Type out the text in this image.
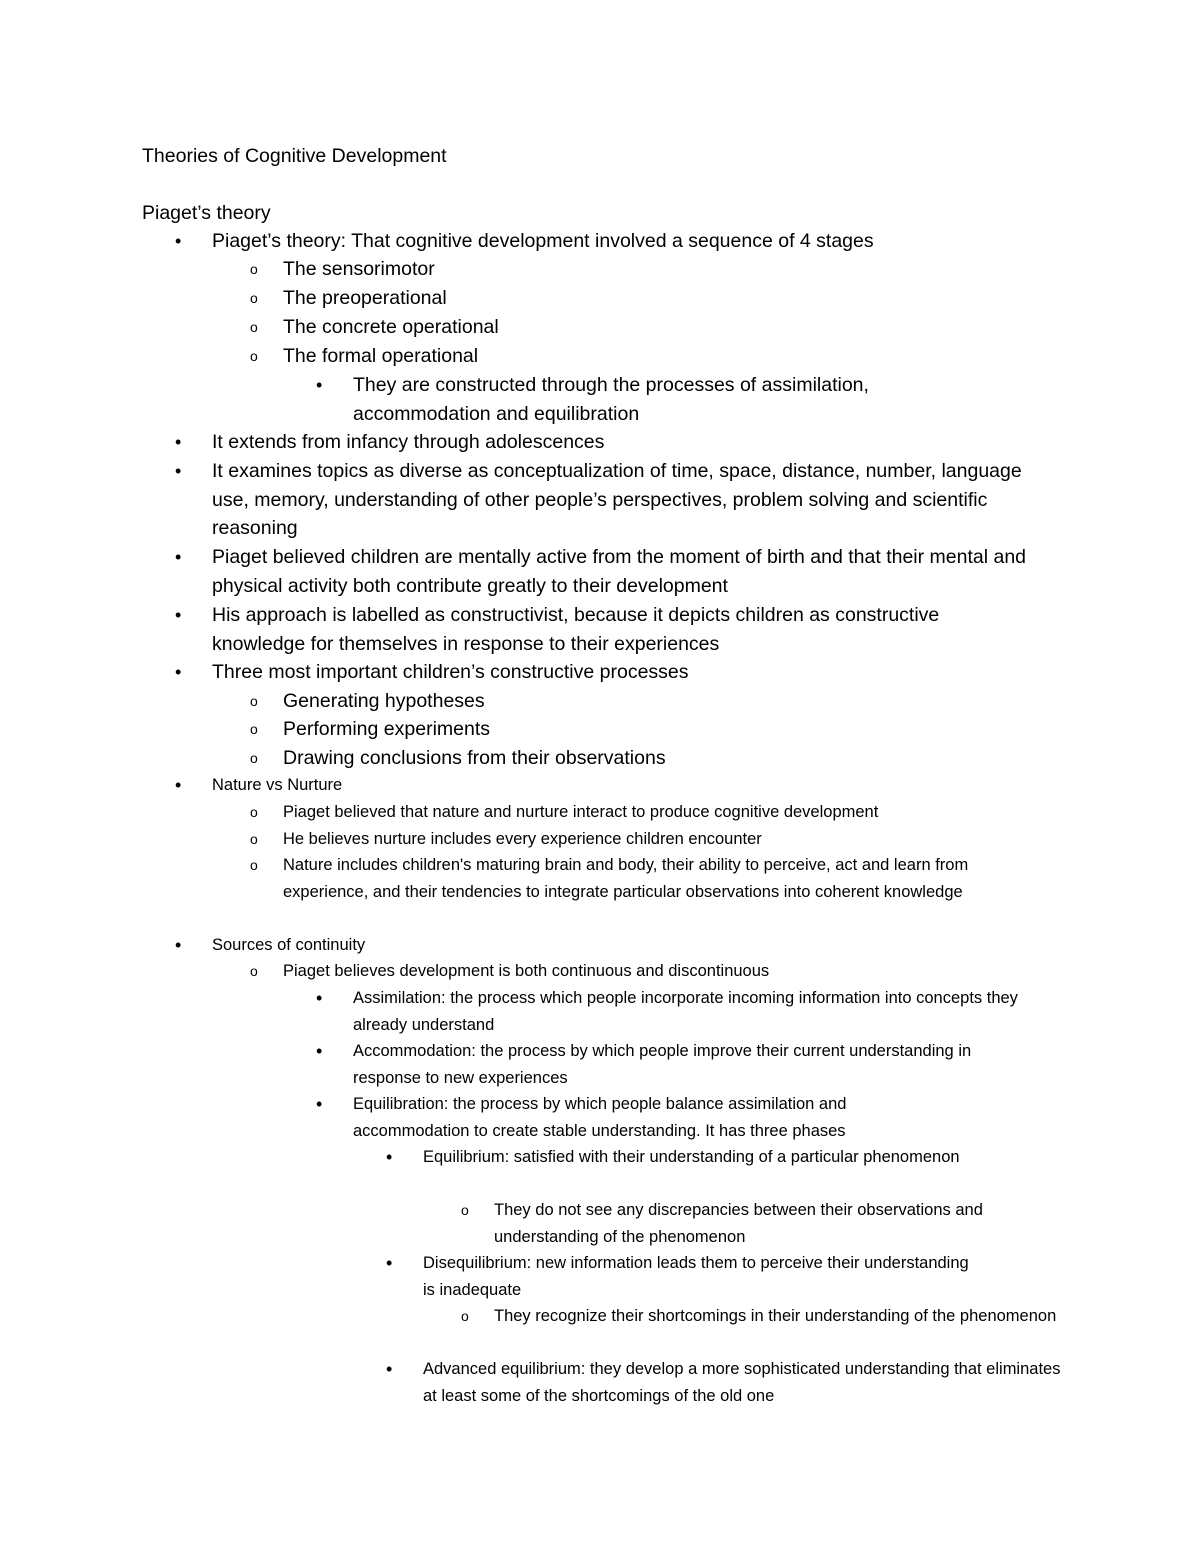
Theories of Cognitive Development
Piaget’s theory
•
Piaget’s theory: That cognitive development involved a sequence of 4 stages
o
The sensorimotor
o
The preoperational
o
The concrete operational
o
The formal operational
•
They are constructed through the processes of assimilation, accommodation and equilibration
•
It extends from infancy through adolescences
•
It examines topics as diverse as conceptualization of time, space, distance, number, language use, memory, understanding of other people’s perspectives, problem solving and scientific reasoning
•
Piaget believed children are mentally active from the moment of birth and that their mental and physical activity both contribute greatly to their development
•
His approach is labelled as constructivist, because it depicts children as constructive knowledge for themselves in response to their experiences
•
Three most important children’s constructive processes
o
Generating hypotheses
o
Performing experiments
o
Drawing conclusions from their observations
•
Nature vs Nurture
o
Piaget believed that nature and nurture interact to produce cognitive development
o
He believes nurture includes every experience children encounter
o
Nature includes children's maturing brain and body, their ability to perceive, act and learn from experience, and their tendencies to integrate particular observations into coherent knowledge
•
Sources of continuity
o
Piaget believes development is both continuous and discontinuous
•
Assimilation: the process which people incorporate incoming information into concepts they already understand
•
Accommodation: the process by which people improve their current understanding in response to new experiences
•
Equilibration: the process by which people balance assimilation and accommodation to create stable understanding. It has three phases
•
Equilibrium: satisfied with their understanding of a particular phenomenon
o
They do not see any discrepancies between their observations and understanding of the phenomenon
•
Disequilibrium: new information leads them to perceive their understanding is inadequate
o
They recognize their shortcomings in their understanding of the phenomenon
•
Advanced equilibrium: they develop a more sophisticated understanding that eliminates at least some of the shortcomings of the old one
